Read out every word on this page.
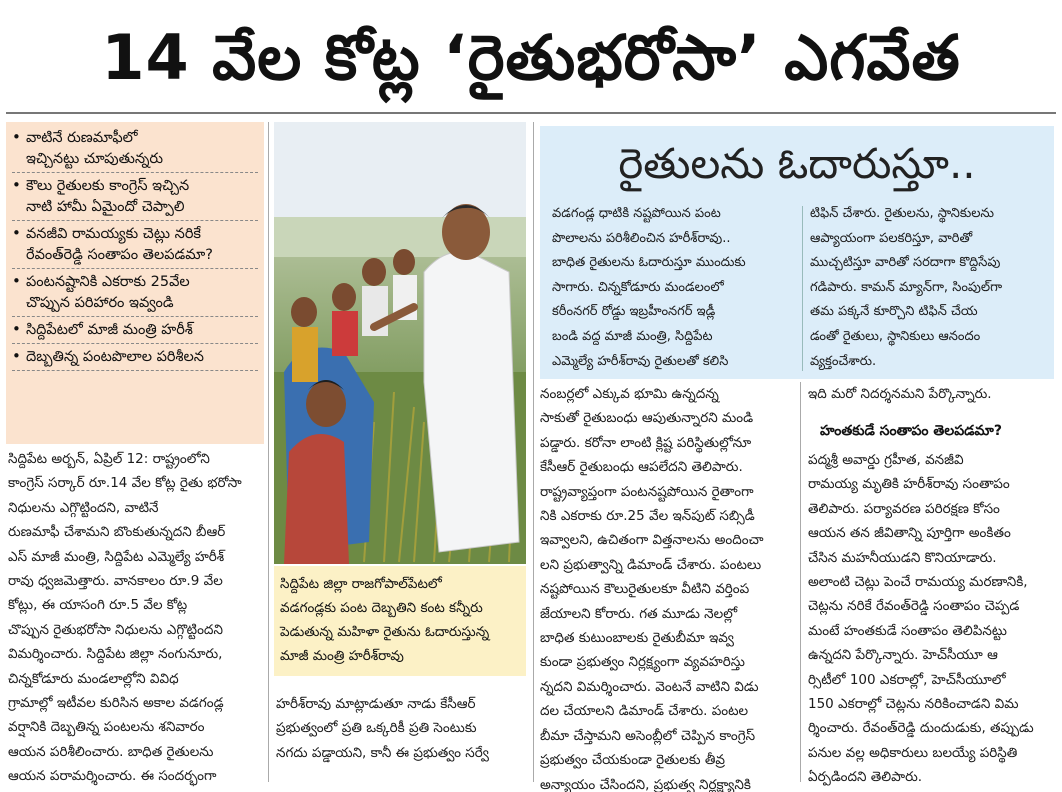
14 వేల కోట్ల ‘రైతుభరోసా’ ఎగవేత
• వాటినే రుణమాఫీలో
ఇచ్చినట్టు చూపుతున్నరు
• కౌలు రైతులకు కాంగ్రెస్ ఇచ్చిన
నాటి హామీ ఏమైందో చెప్పాలి
• వనజీవి రామయ్యకు చెట్లు నరికే
రేవంత్‌రెడ్డి సంతాపం తెలపడమా?
• పంటనష్టానికి ఎకరాకు 25వేల
చొప్పున పరిహారం ఇవ్వండి
• సిద్దిపేటలో మాజీ మంత్రి హరీశ్
• దెబ్బతిన్న పంటపొలాల పరిశీలన

సిద్దిపేట అర్బన్, ఏప్రిల్ 12: రాష్ట్రంలోని

కాంగ్రెస్ సర్కార్ రూ.14 వేల కోట్ల రైతు భరోసా

నిధులను ఎగ్గొట్టిందని, వాటినే

రుణమాఫీ చేశామని బొంకుతున్నదని బీఆర్

ఎస్ మాజీ మంత్రి, సిద్దిపేట ఎమ్మెల్యే హరీశ్

రావు ధ్వజమెత్తారు. వానకాలం రూ.9 వేల

కోట్లు, ఈ యాసంగి రూ.5 వేల కోట్ల

చొప్పున రైతుభరోసా నిధులను ఎగ్గొట్టిందని

విమర్శించారు. సిద్దిపేట జిల్లా నంగునూరు,

చిన్నకోడూరు మండలాల్లోని వివిధ

గ్రామాల్లో ఇటీవల కురిసిన అకాల వడగండ్ల

వర్షానికి దెబ్బతిన్న పంటలను శనివారం

ఆయన పరిశీలించారు. బాధిత రైతులను

ఆయన పరామర్శించారు. ఈ సందర్భంగా

సిద్దిపేట జిల్లా రాజగోపాల్‌పేటలో

వడగండ్లకు పంట దెబ్బతిని కంట కన్నీరు

పెడుతున్న మహిళా రైతును ఓదారుస్తున్న

మాజీ మంత్రి హరీశ్‌రావు

హరీశ్‌రావు మాట్లాడుతూ నాడు కేసీఆర్

ప్రభుత్వంలో ప్రతి ఒక్కరికీ ప్రతి సెంటుకు

నగదు పడ్డాయని, కానీ ఈ ప్రభుత్వం సర్వే

రైతులను ఓదారుస్తూ..

వడగండ్ల ధాటికి నష్టపోయిన పంట

పొలాలను పరిశీలించిన హరీశ్‌రావు..

బాధిత రైతులను ఓదారుస్తూ ముందుకు

సాగారు. చిన్నకోడూరు మండలంలో

కరీంనగర్ రోడ్డు ఇబ్రహీంనగర్ ఇడ్లీ

బండి వద్ద మాజీ మంత్రి, సిద్దిపేట

ఎమ్మెల్యే హరీశ్‌రావు రైతులతో కలిసి

టిఫిన్ చేశారు. రైతులను, స్థానికులను

ఆప్యాయంగా పలకరిస్తూ, వారితో

ముచ్చటిస్తూ వారితో సరదాగా కొద్దిసేపు

గడిపారు. కామన్ మ్యాన్‌గా, సింపుల్‌గా

తమ పక్కనే కూర్చొని టిఫిన్ చేయ

డంతో రైతులు, స్థానికులు ఆనందం

వ్యక్తంచేశారు.

నంబర్లలో ఎక్కువ భూమి ఉన్నదన్న

సాకుతో రైతుబంధు ఆపుతున్నారని మండి

పడ్డారు. కరోనా లాంటి క్లిష్ట పరిస్థితుల్లోనూ

కేసీఆర్ రైతుబంధు ఆపలేదని తెలిపారు.

రాష్ట్రవ్యాప్తంగా పంటనష్టపోయిన రైతాంగా

నికి ఎకరాకు రూ.25 వేల ఇన్‌పుట్ సబ్సిడీ

ఇవ్వాలని, ఉచితంగా విత్తనాలను అందించా

లని ప్రభుత్వాన్ని డిమాండ్ చేశారు. పంటలు

నష్టపోయిన కౌలురైతులకూ వీటిని వర్తింప

జేయాలని కోరారు. గత మూడు నెలల్లో

బాధిత కుటుంబాలకు రైతుబీమా ఇవ్వ

కుండా ప్రభుత్వం నిర్లక్ష్యంగా వ్యవహరిస్తు

న్నదని విమర్శించారు. వెంటనే వాటిని విడు

దల చేయాలని డిమాండ్ చేశారు. పంటల

బీమా చేస్తామని అసెంబ్లీలో చెప్పిన కాంగ్రెస్

ప్రభుత్వం చేయకుండా రైతులకు తీవ్ర

అన్యాయం చేసిందని, ప్రభుత్వ నిర్లక్ష్యానికి

ఇది మరో నిదర్శనమని పేర్కొన్నారు.

హంతకుడే సంతాపం తెలపడమా?

పద్మశ్రీ అవార్డు గ్రహీత, వనజీవి

రామయ్య మృతికి హరీశ్‌రావు సంతాపం

తెలిపారు. పర్యావరణ పరిరక్షణ కోసం

ఆయన తన జీవితాన్ని పూర్తిగా అంకితం

చేసిన మహనీయుడని కొనియాడారు.

అలాంటి చెట్లు పెంచే రామయ్య మరణానికి,

చెట్లను నరికే రేవంత్‌రెడ్డి సంతాపం చెప్పడ

మంటే హంతకుడే సంతాపం తెలిపినట్టు

ఉన్నదని పేర్కొన్నారు. హెచ్‌సీయూ ఆ

ర్సిటీలో 100 ఎకరాల్లో, హెచ్‌సీయూలో

150 ఎకరాల్లో చెట్లను నరికించాడని విమ

ర్శించారు. రేవంత్‌రెడ్డి దుందుడుకు, తప్పుడు

పనుల వల్ల అధికారులు బలయ్యే పరిస్థితి

ఏర్పడిందని తెలిపారు.
